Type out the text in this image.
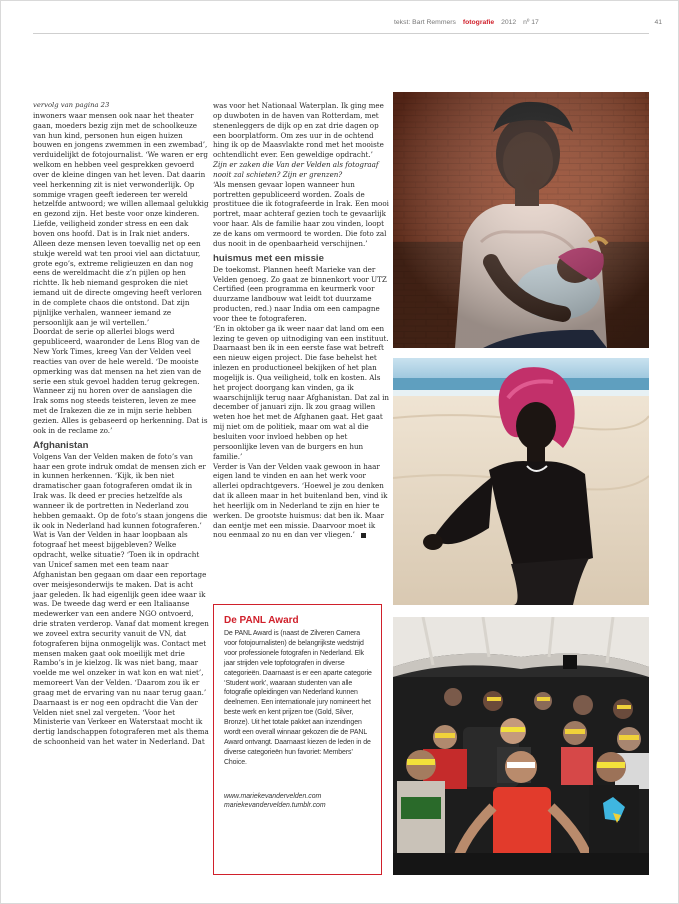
tekst: Bart Remmers fotografie 2012 nº 17	41

vervolg van pagina 23

inwoners waar mensen ook naar het theater gaan, moeders bezig zijn met de schoolkeuze van hun kind, personen hun eigen huizen bouwen en jongens zwemmen in een zwembad’, verduidelijkt de fotojournalist. ‘We waren er erg welkom en hebben veel gesprekken gevoerd over de kleine dingen van het leven. Dat daarin veel herkenning zit is niet verwonderlijk. Op sommige vragen geeft iedereen ter wereld hetzelfde antwoord; we willen allemaal gelukkig en gezond zijn. Het beste voor onze kinderen. Liefde, veiligheid zonder stress en een dak boven ons hoofd. Dat is in Irak niet anders. Alleen deze mensen leven toevallig net op een stukje wereld wat ten prooi viel aan dictatuur, grote ego’s, extreme religieuzen en dan nog eens de wereldmacht die z’n pijlen op hen richtte. Ik heb niemand gesproken die niet iemand uit de directe omgeving heeft verloren in de complete chaos die ontstond. Dat zijn pijnlijke verhalen, wanneer iemand ze persoonlijk aan je wil vertellen.’

Doordat de serie op allerlei blogs werd gepubliceerd, waaronder de Lens Blog van de New York Times, kreeg Van der Velden veel reacties van over de hele wereld. ‘De mooiste opmerking was dat mensen na het zien van de serie een stuk gevoel hadden terug gekregen. Wanneer zij nu horen over de aanslagen die Irak soms nog steeds teisteren, leven ze mee met de Irakezen die ze in mijn serie hebben gezien. Alles is gebaseerd op herkenning. Dat is ook in de reclame zo.’

Afghanistan

Volgens Van der Velden maken de foto’s van haar een grote indruk omdat de mensen zich er in kunnen herkennen. ‘Kijk, ik ben niet dramatischer gaan fotograferen omdat ik in Irak was. Ik deed er precies hetzelfde als wanneer ik de portretten in Nederland zou hebben gemaakt. Op de foto’s staan jongens die ik ook in Nederland had kunnen fotograferen.’

Wat is Van der Velden in haar loopbaan als fotograaf het meest bijgebleven? Welke opdracht, welke situatie? ‘Toen ik in opdracht van Unicef samen met een team naar Afghanistan ben gegaan om daar een reportage over meisjesonderwijs te maken. Dat is acht jaar geleden. Ik had eigenlijk geen idee waar ik was. De tweede dag werd er een Italiaanse medewerker van een andere NGO ontvoerd, drie straten verderop. Vanaf dat moment kregen we zoveel extra security vanuit de VN, dat fotograferen bijna onmogelijk was. Contact met mensen maken gaat ook moeilijk met drie Rambo’s in je kielzog. Ik was niet bang, maar voelde me wel onzeker in wat kon en wat niet’, memoreert Van der Velden. ‘Daarom zou ik er graag met de ervaring van nu naar terug gaan.’

Daarnaast is er nog een opdracht die Van der Velden niet snel zal vergeten. ‘Voor het Ministerie van Verkeer en Waterstaat mocht ik dertig landschappen fotograferen met als thema de schoonheid van het water in Nederland. Dat

was voor het Nationaal Waterplan. Ik ging mee op duwboten in de haven van Rotterdam, met stenenleggers de dijk op en zat drie dagen op een boorplatform. Om zes uur in de ochtend hing ik op de Maasvlakte rond met het mooiste ochtendlicht ever. Een geweldige opdracht.’

Zijn er zaken die Van der Velden als fotograaf nooit zal schieten? Zijn er grenzen?

‘Als mensen gevaar lopen wanneer hun portretten gepubliceerd worden. Zoals de prostituee die ik fotografeerde in Irak. Een mooi portret, maar achteraf gezien toch te gevaarlijk voor haar. Als de familie haar zou vinden, loopt ze de kans om vermoord te worden. Die foto zal dus nooit in de openbaarheid verschijnen.’

huismus met een missie

De toekomst. Plannen heeft Marieke van der Velden genoeg. Zo gaat ze binnenkort voor UTZ Certified (een programma en keurmerk voor duurzame landbouw wat leidt tot duurzame producten, red.) naar India om een campagne voor thee te fotograferen.

‘En in oktober ga ik weer naar dat land om een lezing te geven op uitnodiging van een instituut. Daarnaast ben ik in een eerste fase wat betreft een nieuw eigen project. Die fase behelst het inlezen en productioneel bekijken of het plan mogelijk is. Qua veiligheid, tolk en kosten. Als het project doorgang kan vinden, ga ik waarschijnlijk terug naar Afghanistan. Dat zal in december of januari zijn. Ik zou graag willen weten hoe het met de Afghanen gaat. Het gaat mij niet om de politiek, maar om wat al die besluiten voor invloed hebben op het persoonlijke leven van de burgers en hun familie.’

Verder is Van der Velden vaak gewoon in haar eigen land te vinden en aan het werk voor allerlei opdrachtgevers. ‘Hoewel je zou denken dat ik alleen maar in het buitenland ben, vind ik het heerlijk om in Nederland te zijn en hier te werken. De grootste huismus: dat ben ik. Maar dan eentje met een missie. Daarvoor moet ik nou eenmaal zo nu en dan ver vliegen.’

De PANL Award

De PANL Award is (naast de Zilveren Camera voor fotojournalisten) de belangrijkste wedstrijd voor professionele fotografen in Nederland. Elk jaar strijden vele topfotografen in diverse categorieën. Daarnaast is er een aparte categorie ‘Student work’, waaraan studenten van alle fotografie opleidingen van Nederland kunnen deelnemen. Een internationale jury nomineert het beste werk en kent prijzen toe (Gold, Silver, Bronze). Uit het totale pakket aan inzendingen wordt een overall winnaar gekozen die de PANL Award ontvangt. Daarnaast kiezen de leden in de diverse categorieën hun favoriet: Members’ Choice.

www.mariekevandervelden.com
mariekevandervelden.tumblr.com
